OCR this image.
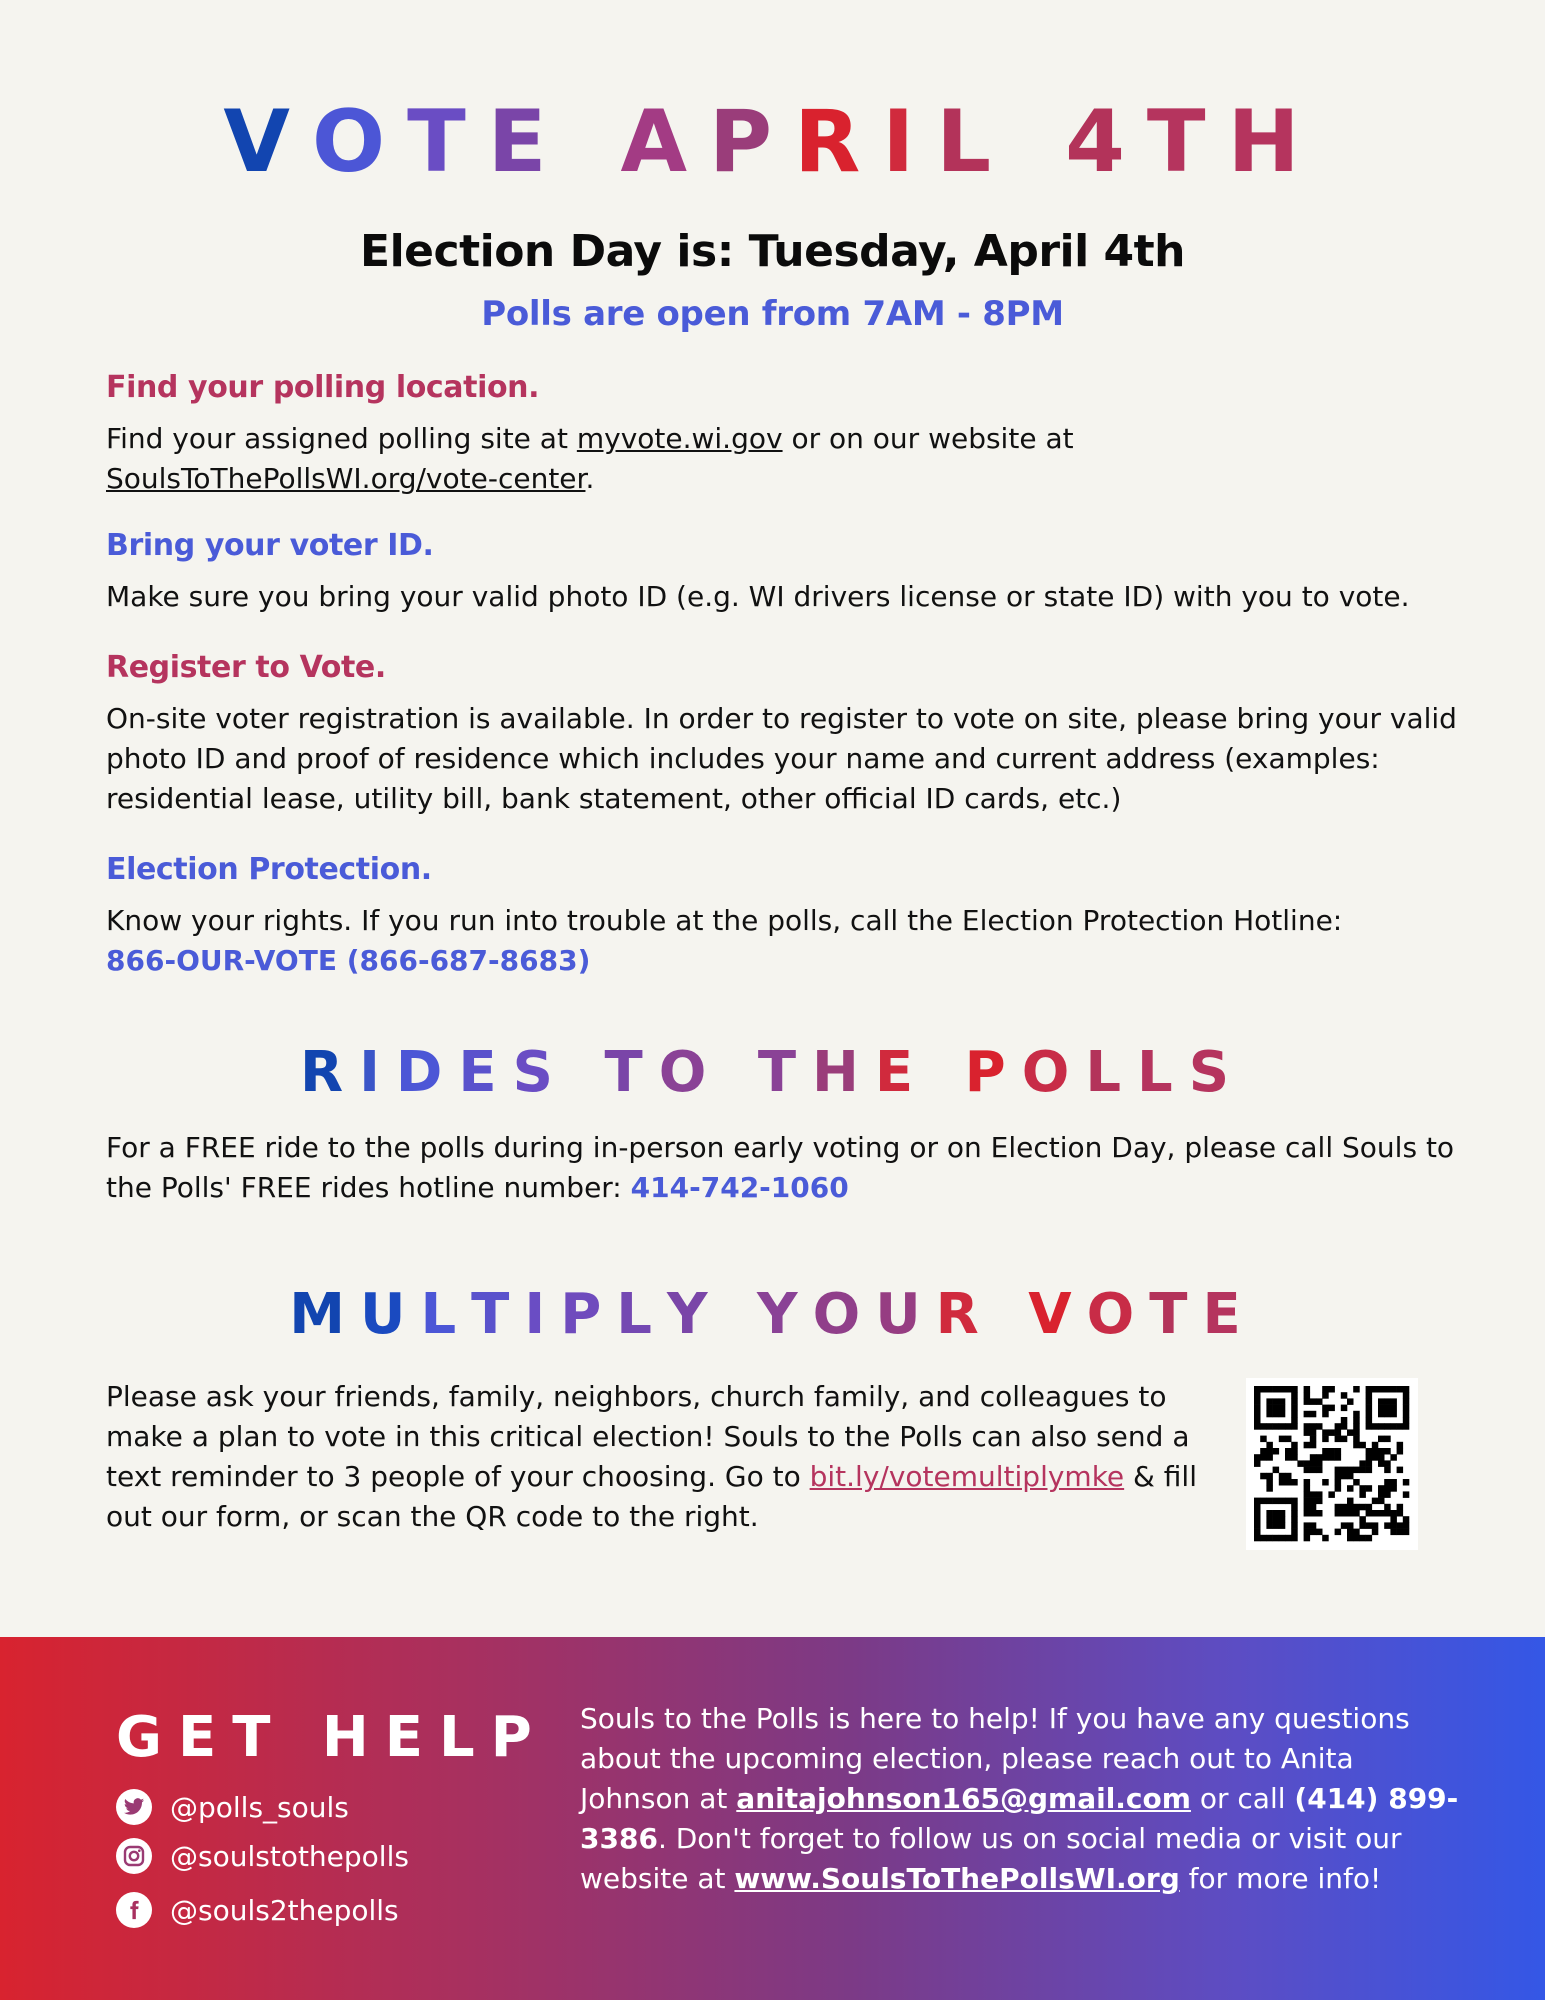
VOTE APRIL 4TH
Election Day is: Tuesday, April 4th
Polls are open from 7AM - 8PM
Find your polling location.
Find your assigned polling site at myvote.wi.gov or on our website at
SoulsToThePollsWI.org/vote-center.
Bring your voter ID.
Make sure you bring your valid photo ID (e.g. WI drivers license or state ID) with you to vote.
Register to Vote.
On-site voter registration is available. In order to register to vote on site, please bring your valid photo ID and proof of residence which includes your name and current address (examples: residential lease, utility bill, bank statement, other official ID cards, etc.)
Election Protection.
Know your rights. If you run into trouble at the polls, call the Election Protection Hotline:
866-OUR-VOTE (866-687-8683)
RIDES TO THE POLLS
For a FREE ride to the polls during in-person early voting or on Election Day, please call Souls to the Polls' FREE rides hotline number: 414-742-1060
MULTIPLY YOUR VOTE
Please ask your friends, family, neighbors, church family, and colleagues to make a plan to vote in this critical election! Souls to the Polls can also send a text reminder to 3 people of your choosing. Go to bit.ly/votemultiplymke & fill out our form, or scan the QR code to the right.
GET HELP
@polls_souls
@soulstothepolls
@souls2thepolls
Souls to the Polls is here to help! If you have any questions about the upcoming election, please reach out to Anita Johnson at anitajohnson165@gmail.com or call (414) 899-3386. Don't forget to follow us on social media or visit our website at www.SoulsToThePollsWI.org for more info!
